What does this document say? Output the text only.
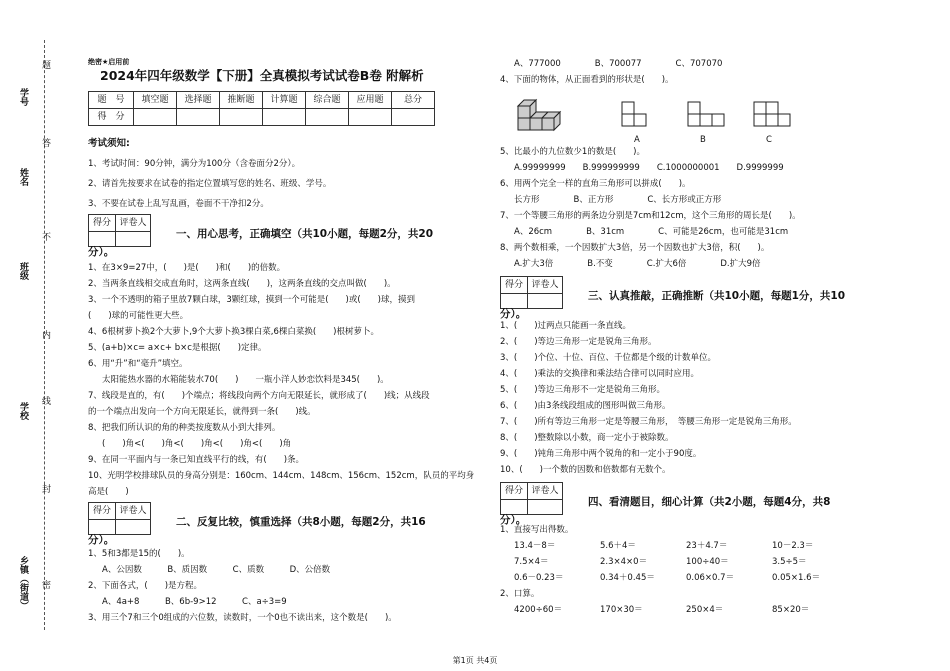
学号
姓名
班级
学校
乡镇（街道）
题
答
不
内
线
封
密
绝密★启用前
2024年四年级数学【下册】全真模拟考试试卷B卷 附解析
题　号	填空题	选择题	推断题	计算题	综合题	应用题	总分
得　分							
考试须知:
1、考试时间：90分钟，满分为100分（含卷面分2分）。
2、请首先按要求在试卷的指定位置填写您的姓名、班级、学号。
3、不要在试卷上乱写乱画，卷面不干净扣2分。
得分	评卷人

一、用心思考，正确填空（共10小题，每题2分，共20
分）。
1、在3×9=27中，(　　)是(　　)和(　　)的倍数。
2、当两条直线相交成直角时，这两条直线(　　)，这两条直线的交点叫做(　　)。
3、一个不透明的箱子里放7颗白球，3颗红球，摸到一个可能是(　　)或(　　)球，摸到
(　　)球的可能性更大些。
4、6根树萝卜换2个大萝卜,9个大萝卜换3棵白菜,6棵白菜换(　　)根树萝卜。
5、(a+b)×c= a×c+ b×c是根据(　　)定律。
6、用“升”和“毫升”填空。
太阳能热水器的水箱能装水70(　　)　　一瓶小洋人妙恋饮料是345(　　)。
7、线段是直的，有(　　)个端点；将线段向两个方向无限延长，就形成了(　　)线；从线段
的一个端点出发向一个方向无限延长，就得到一条(　　)线。
8、把我们所认识的角的种类按度数从小到大排列。
(　　)角<(　　)角<(　　)角<(　　)角<(　　)角
9、在同一平面内与一条已知直线平行的线，有(　　)条。
10、光明学校排球队员的身高分别是：160cm、144cm、148cm、156cm、152cm，队员的平均身
高是(　　)
得分	评卷人

二、反复比较，慎重选择（共8小题，每题2分，共16
分）。
1、5和3都是15的(　　)。
A、公因数　　　B、质因数　　　C、质数　　　D、公倍数
2、下面各式，(　　)是方程。
A、4a+8　　　B、6b-9>12　　　C、a÷3=9
3、用三个7和三个0组成的六位数，读数时，一个0也不读出来，这个数是(　　)。
A、777000　　　　B、700077　　　　C、707070
4、下面的物体，从正面看到的形状是(　　)。
A	B	C
5、比最小的九位数少1的数是(　　)。
A.99999999　　B.999999999　　C.1000000001　　D.9999999
6、用两个完全一样的直角三角形可以拼成(　　)。
长方形　　　　B、正方形　　　　C、长方形或正方形
7、一个等腰三角形的两条边分别是7cm和12cm，这个三角形的周长是(　　)。
A、26cm　　　　B、31cm　　　　C、可能是26cm，也可能是31cm
8、两个数相乘，一个因数扩大3倍，另一个因数也扩大3倍，积(　　)。
A.扩大3倍　　　　B.不变　　　　C.扩大6倍　　　　D.扩大9倍
得分	评卷人

三、认真推敲，正确推断（共10小题，每题1分，共10
分）。
1、(　　)过两点只能画一条直线。
2、(　　)等边三角形一定是锐角三角形。
3、(　　)个位、十位、百位、千位都是个级的计数单位。
4、(　　)乘法的交换律和乘法结合律可以同时应用。
5、(　　)等边三角形不一定是锐角三角形。
6、(　　)由3条线段组成的图形叫做三角形。
7、(　　)所有等边三角形一定是等腰三角形，　等腰三角形一定是锐角三角形。
8、(　　)整数除以小数，商一定小于被除数。
9、(　　)钝角三角形中两个锐角的和一定小于90度。
10、(　　)一个数的因数和倍数都有无数个。
得分	评卷人

四、看清题目，细心计算（共2小题，每题4分，共8
分）。
1、直接写出得数。
13.4－8＝	5.6＋4＝	23＋4.7＝	10－2.3＝
7.5×4＝	2.3×4×0＝	100÷40＝	3.5÷5＝
0.6－0.23＝	0.34＋0.45＝	0.06×0.7＝	0.05×1.6＝
2、口算。
4200÷60＝	170×30＝	250×4＝	85×20＝
第1页 共4页
